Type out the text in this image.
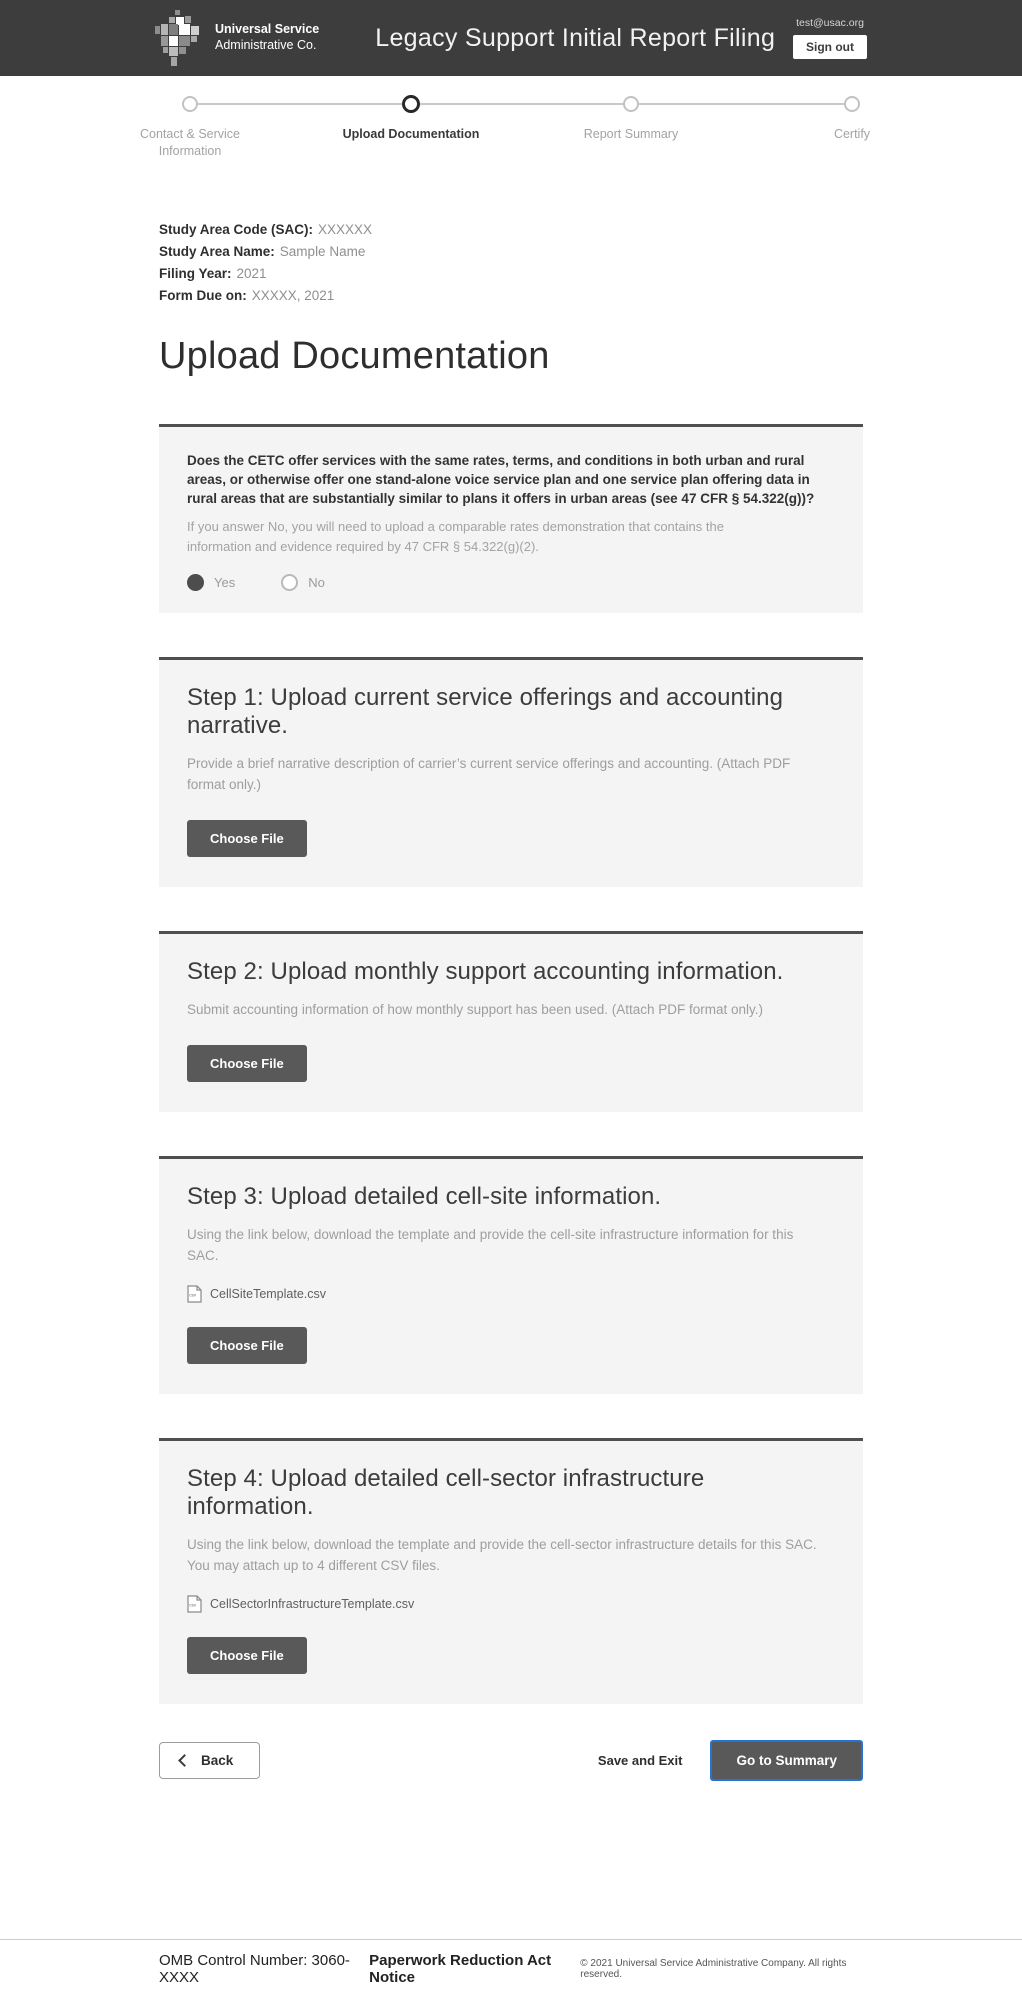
Universal Service
Administrative Co. Legacy Support Initial Report Filing
test@usac.org
Sign out
Contact & Service Information
Upload Documentation	Report Summary	Certify
Study Area Code (SAC): XXXXXX
Study Area Name: Sample Name
Filing Year: 2021
Form Due on: XXXXX, 2021
Upload Documentation
Does the CETC offer services with the same rates, terms, and conditions in both urban and rural areas, or otherwise offer one stand-alone voice service plan and one service plan offering data in rural areas that are substantially similar to plans it offers in urban areas (see 47 CFR § 54.322(g))?
If you answer No, you will need to upload a comparable rates demonstration that contains the information and evidence required by 47 CFR § 54.322(g)(2).
Yes	No
Step 1: Upload current service offerings and accounting narrative.
Provide a brief narrative description of carrier’s current service offerings and accounting. (Attach PDF format only.)
Choose File
Step 2: Upload monthly support accounting information.
Submit accounting information of how monthly support has been used. (Attach PDF format only.)
Choose File
Step 3: Upload detailed cell-site information.
Using the link below, download the template and provide the cell-site infrastructure information for this SAC.
csv CellSiteTemplate.csv
Choose File
Step 4: Upload detailed cell-sector infrastructure information.
Using the link below, download the template and provide the cell-sector infrastructure details for this SAC. You may attach up to 4 different CSV files.
csv CellSectorInfrastructureTemplate.csv
Choose File
Back	Save and Exit	Go to Summary
OMB Control Number: 3060-XXXX
Paperwork Reduction Act Notice
© 2021 Universal Service Administrative Company. All rights reserved.
